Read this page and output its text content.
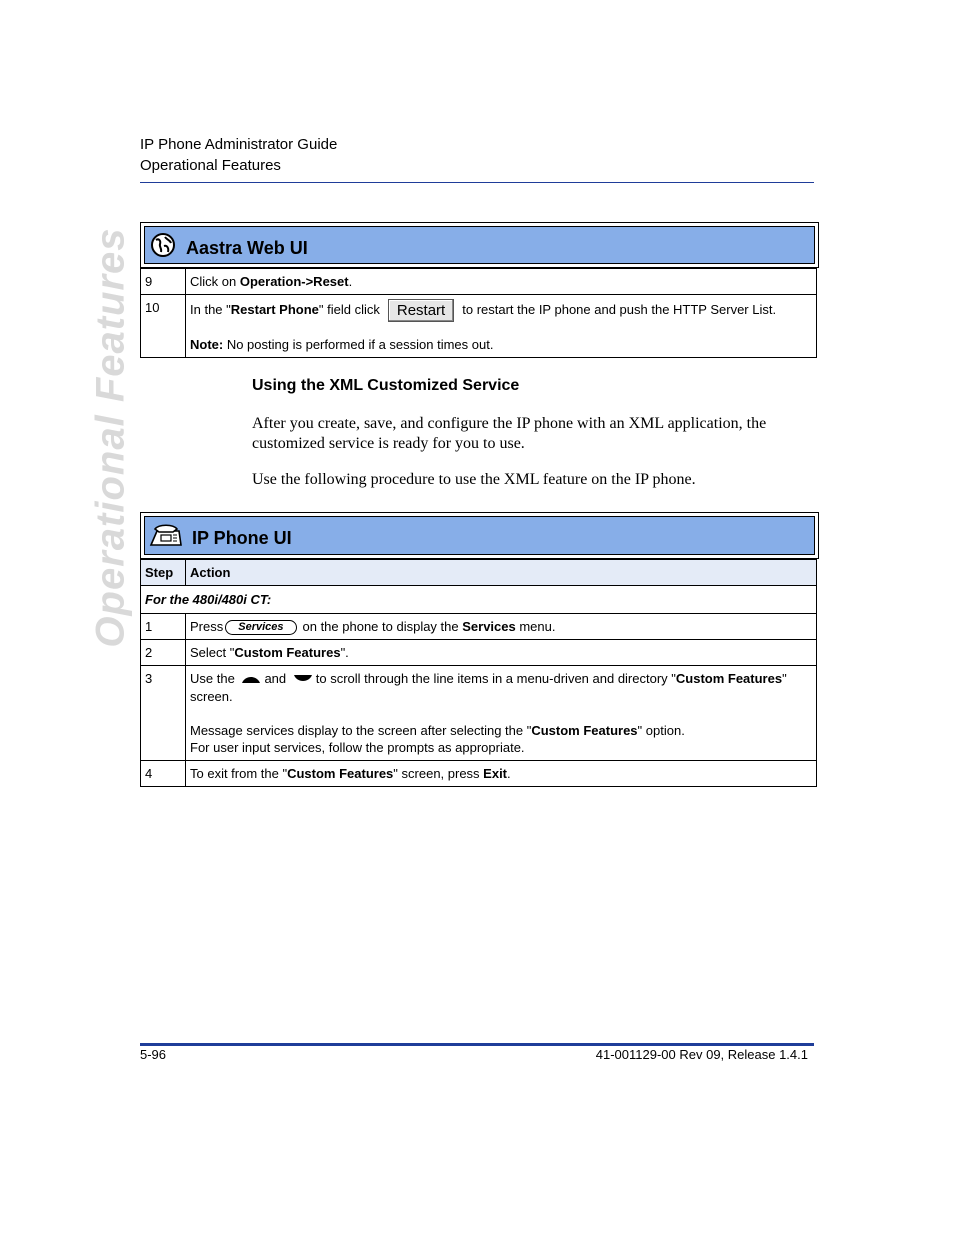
IP Phone Administrator Guide
Operational Features
Operational Features	Aastra Web UI
9	Click on Operation->Reset.
10	In the "Restart Phone" field click Restart to restart the IP phone and push the HTTP Server List.
Note: No posting is performed if a session times out.
Using the XML Customized Service
After you create, save, and configure the IP phone with an XML application, the customized service is ready for you to use.
Use the following procedure to use the XML feature on the IP phone.
IP Phone UI
Step	Action
For the 480i/480i CT:	
1	Press Services on the phone to display the Services menu.
2	Select "Custom Features".
3	Use the and to scroll through the line items in a menu-driven and directory "Custom Features" screen.
Message services display to the screen after selecting the "Custom Features" option.
For user input services, follow the prompts as appropriate.
4	To exit from the "Custom Features" screen, press Exit.
5-96	41-001129-00 Rev 09, Release 1.4.1
